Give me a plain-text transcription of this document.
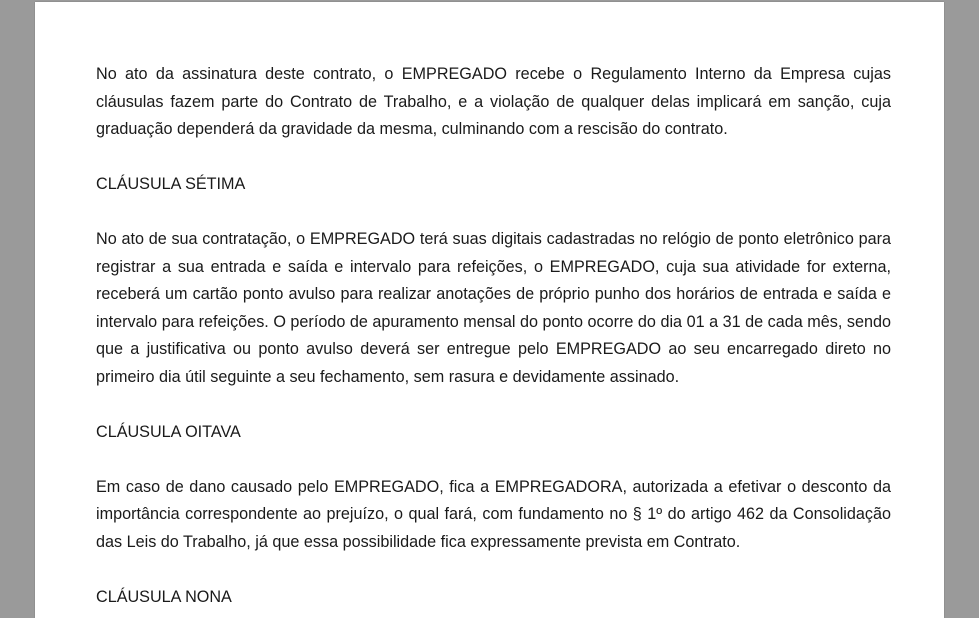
No ato da assinatura deste contrato, o EMPREGADO recebe o Regulamento Interno da Empresa cujas cláusulas fazem parte do Contrato de Trabalho, e a violação de qualquer delas implicará em sanção, cuja graduação dependerá da gravidade da mesma, culminando com a rescisão do contrato.

CLÁUSULA SÉTIMA

No ato de sua contratação, o EMPREGADO terá suas digitais cadastradas no relógio de ponto eletrônico para registrar a sua entrada e saída e intervalo para refeições, o EMPREGADO, cuja sua atividade for externa, receberá um cartão ponto avulso para realizar anotações de próprio punho dos horários de entrada e saída e intervalo para refeições. O período de apuramento mensal do ponto ocorre do dia 01 a 31 de cada mês, sendo que a justificativa ou ponto avulso deverá ser entregue pelo EMPREGADO ao seu encarregado direto no primeiro dia útil seguinte a seu fechamento, sem rasura e devidamente assinado.

CLÁUSULA OITAVA

Em caso de dano causado pelo EMPREGADO, fica a EMPREGADORA, autorizada a efetivar o desconto da importância correspondente ao prejuízo, o qual fará, com fundamento no § 1º do artigo 462 da Consolidação das Leis do Trabalho, já que essa possibilidade fica expressamente prevista em Contrato.

CLÁUSULA NONA
